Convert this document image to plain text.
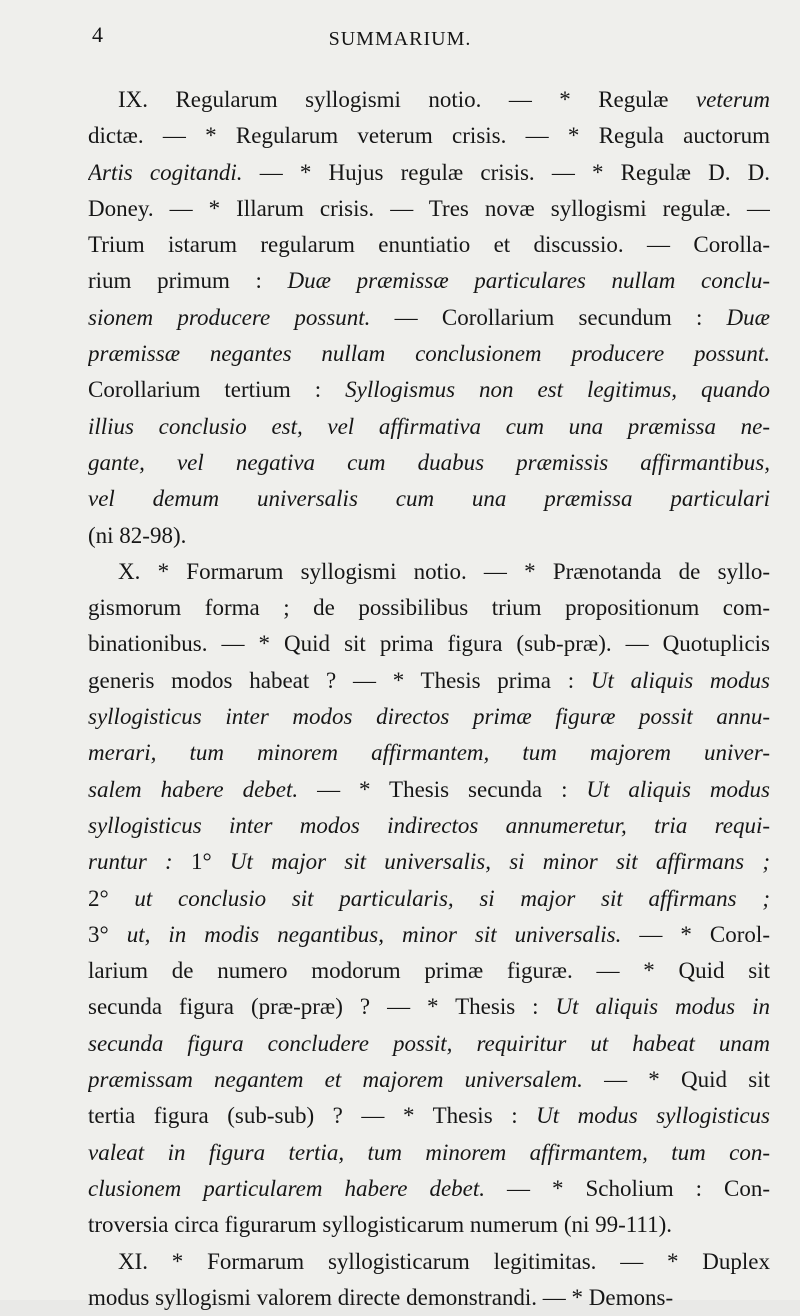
4	SUMMARIUM.
IX. Regularum syllogismi notio. — * Regulæ veterum
dictæ. — * Regularum veterum crisis. — * Regula auctorum
Artis cogitandi. — * Hujus regulæ crisis. — * Regulæ D. D.
Doney. — * Illarum crisis. — Tres novæ syllogismi regulæ. —
Trium istarum regularum enuntiatio et discussio. — Corolla-
rium primum : Duæ præmissæ particulares nullam conclu-
sionem producere possunt. — Corollarium secundum : Duæ
præmissæ negantes nullam conclusionem producere possunt.
Corollarium tertium : Syllogismus non est legitimus, quando
illius conclusio est, vel affirmativa cum una præmissa ne-
gante, vel negativa cum duabus præmissis affirmantibus,
vel demum universalis cum una præmissa particulari
(ni 82-98).
X. * Formarum syllogismi notio. — * Prænotanda de syllo-
gismorum forma ; de possibilibus trium propositionum com-
binationibus. — * Quid sit prima figura (sub-præ). — Quotuplicis
generis modos habeat ? — * Thesis prima : Ut aliquis modus
syllogisticus inter modos directos primæ figuræ possit annu-
merari, tum minorem affirmantem, tum majorem univer-
salem habere debet. — * Thesis secunda : Ut aliquis modus
syllogisticus inter modos indirectos annumeretur, tria requi-
runtur : 1° Ut major sit universalis, si minor sit affirmans ;
2° ut conclusio sit particularis, si major sit affirmans ;
3° ut, in modis negantibus, minor sit universalis. — * Corol-
larium de numero modorum primæ figuræ. — * Quid sit
secunda figura (præ-præ) ? — * Thesis : Ut aliquis modus in
secunda figura concludere possit, requiritur ut habeat unam
præmissam negantem et majorem universalem. — * Quid sit
tertia figura (sub-sub) ? — * Thesis : Ut modus syllogisticus
valeat in figura tertia, tum minorem affirmantem, tum con-
clusionem particularem habere debet. — * Scholium : Con-
troversia circa figurarum syllogisticarum numerum (ni 99-111).
XI. * Formarum syllogisticarum legitimitas. — * Duplex
modus syllogismi valorem directe demonstrandi. — * Demons-
